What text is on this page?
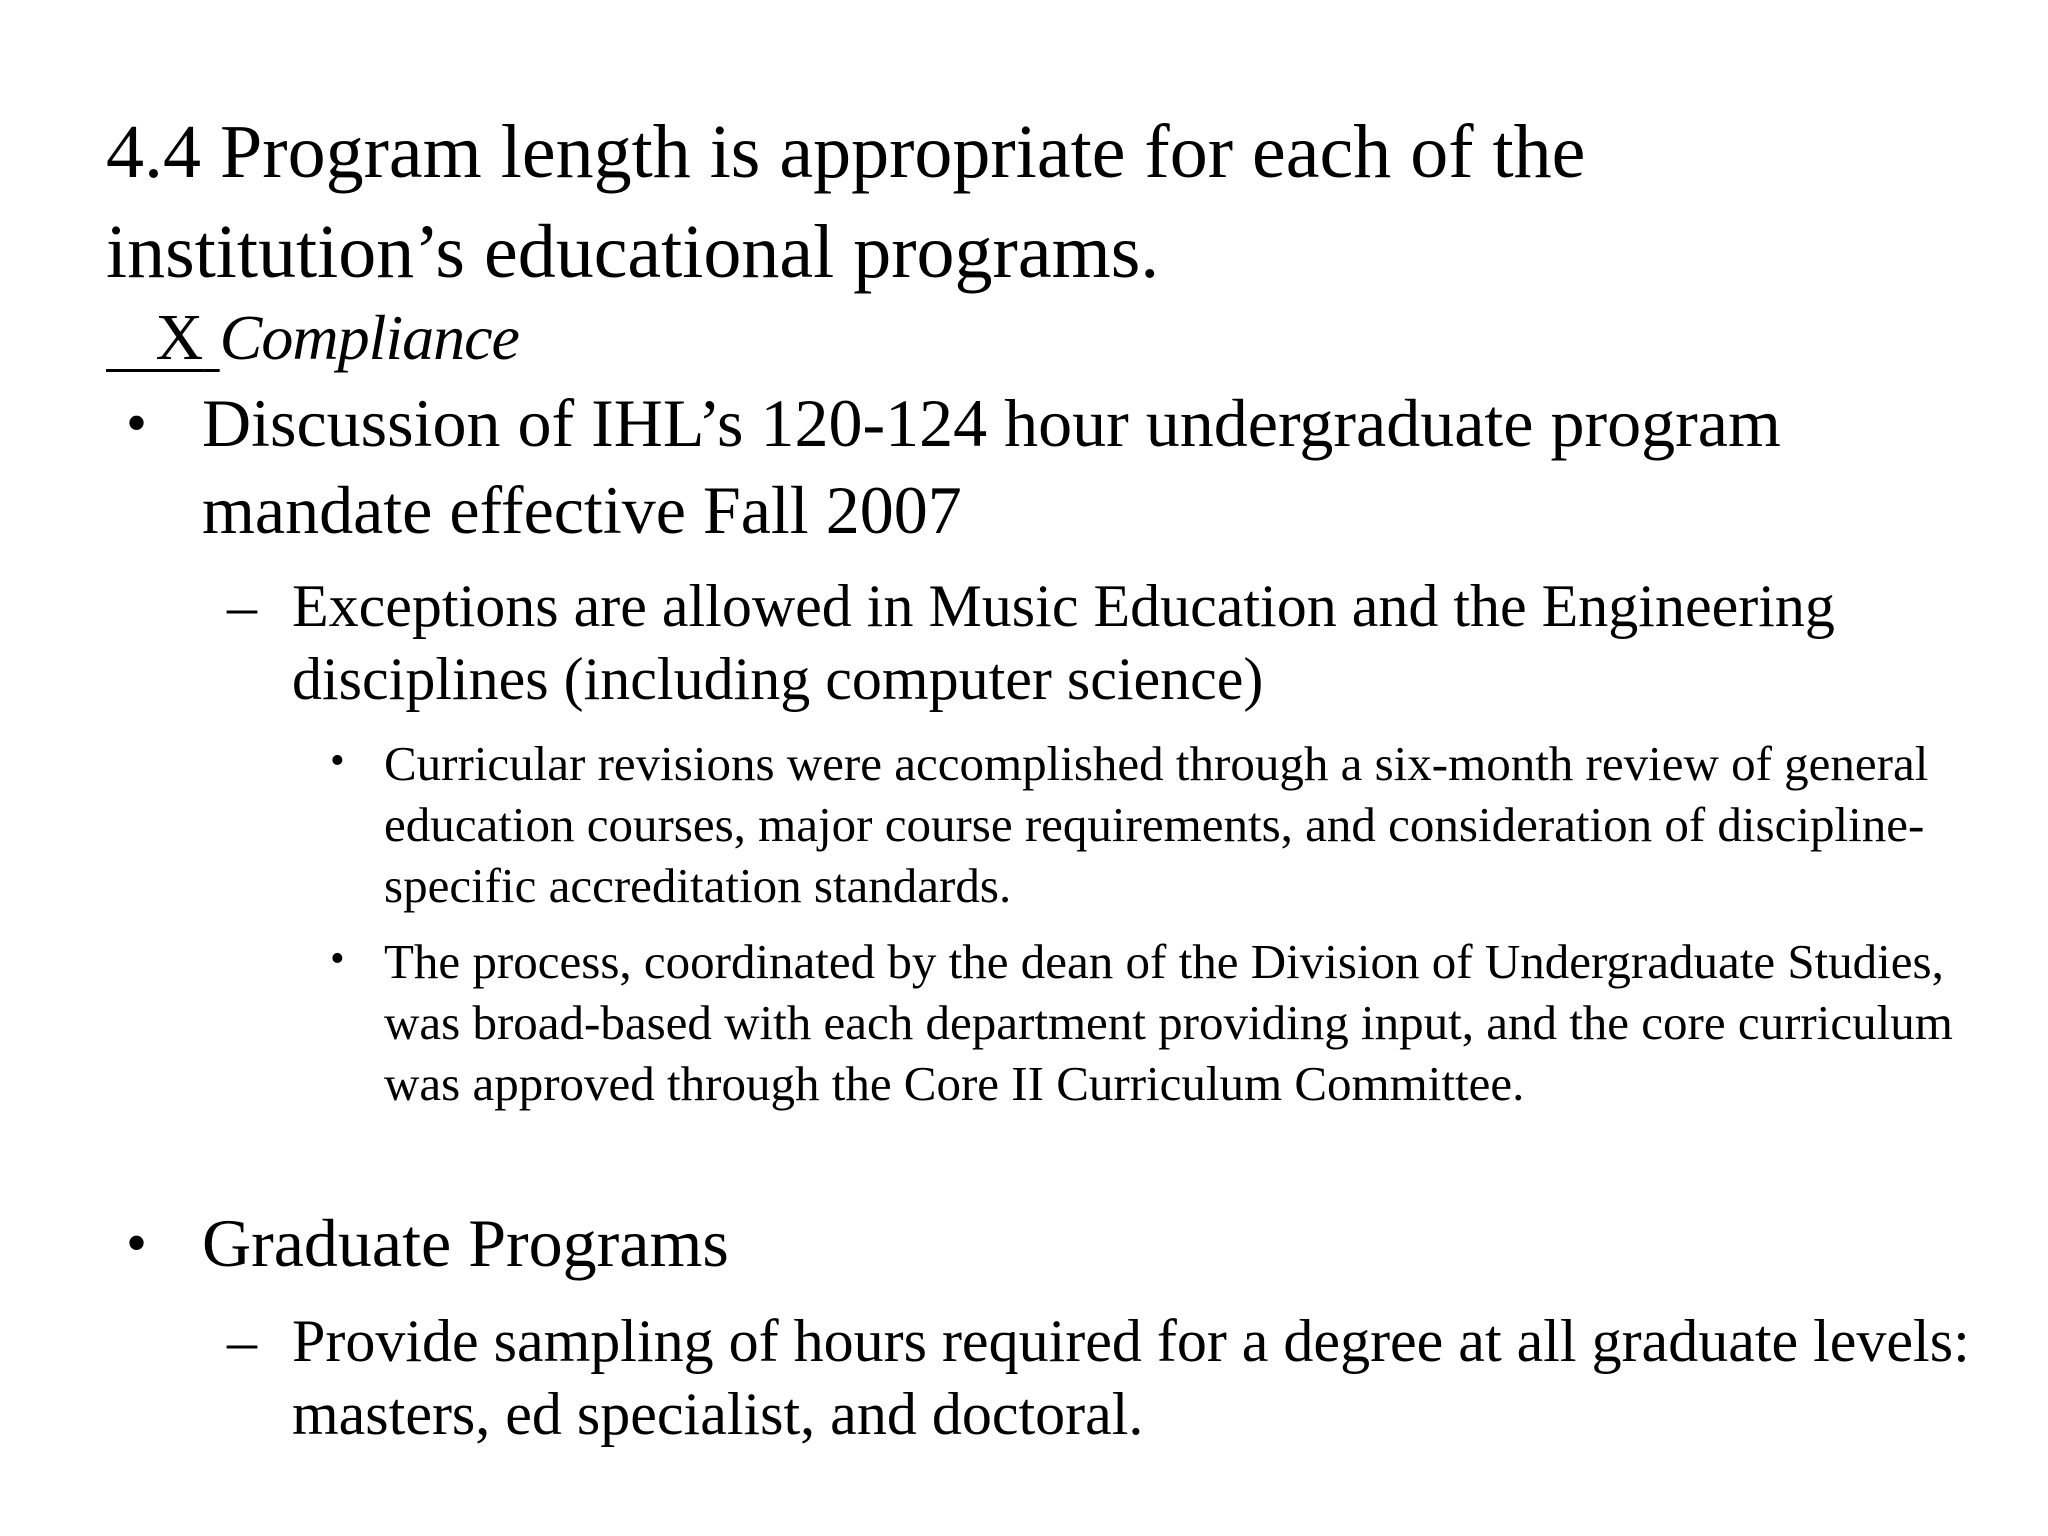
4.4 Program length is appropriate for each of the institution’s educational programs.
X Compliance
• Discussion of IHL’s 120-124 hour undergraduate program mandate effective Fall 2007
– Exceptions are allowed in Music Education and the Engineering disciplines (including computer science)
• Curricular revisions were accomplished through a six-month review of general education courses, major course requirements, and consideration of discipline-specific accreditation standards.
• The process, coordinated by the dean of the Division of Undergraduate Studies, was broad-based with each department providing input, and the core curriculum was approved through the Core II Curriculum Committee.
• Graduate Programs
– Provide sampling of hours required for a degree at all graduate levels: masters, ed specialist, and doctoral.
